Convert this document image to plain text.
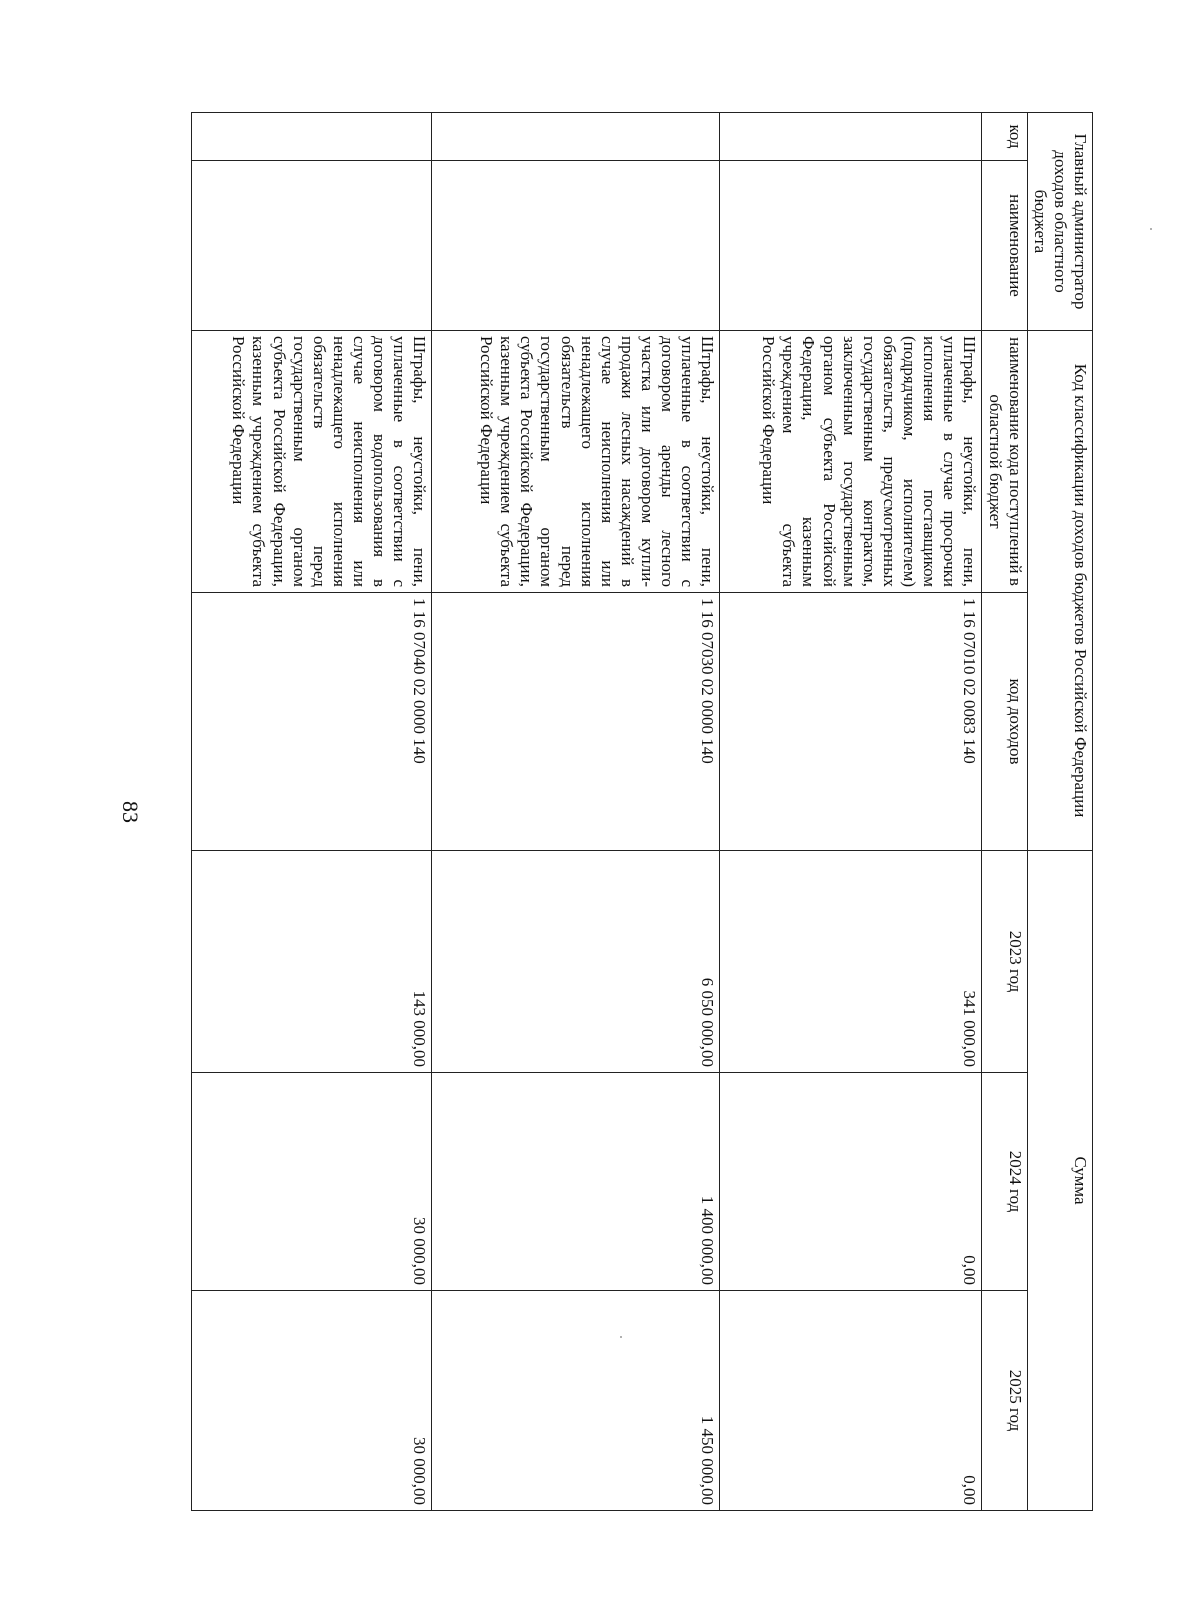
83
Главный администратор доходов областного бюджета		Код классификации доходов бюджетов Российской Федерации		Сумма		
код	наименование	наименование кода поступлений в областной бюджет	код доходов	2023 год	2024 год	2025 год
		Штрафы, неустойки, пени, уплаченные в случае просрочки исполнения поставщиком (подрядчиком, исполнителем) обязательств, предусмотренных государственным контрактом, заключенным государственным органом субъекта Российской Федерации, казенным учреждением субъекта Российской Федерации	1 16 07010 02 0083 140	341 000,00	0,00	0,00
		Штрафы, неустойки, пени, уплаченные в соответствии с договором аренды лесного участка или договором купли-продажи лесных насаждений в случае неисполнения или ненадлежащего исполнения обязательств перед государственным органом субъекта Российской Федерации, казенным учреждением субъекта Российской Федерации	1 16 07030 02 0000 140	6 050 000,00	1 400 000,00	1 450 000,00
		Штрафы, неустойки, пени, уплаченные в соответствии с договором водопользования в случае неисполнения или ненадлежащего исполнения обязательств перед государственным органом субъекта Российской Федерации, казенным учреждением субъекта Российской Федерации	1 16 07040 02 0000 140	143 000,00	30 000,00	30 000,00
